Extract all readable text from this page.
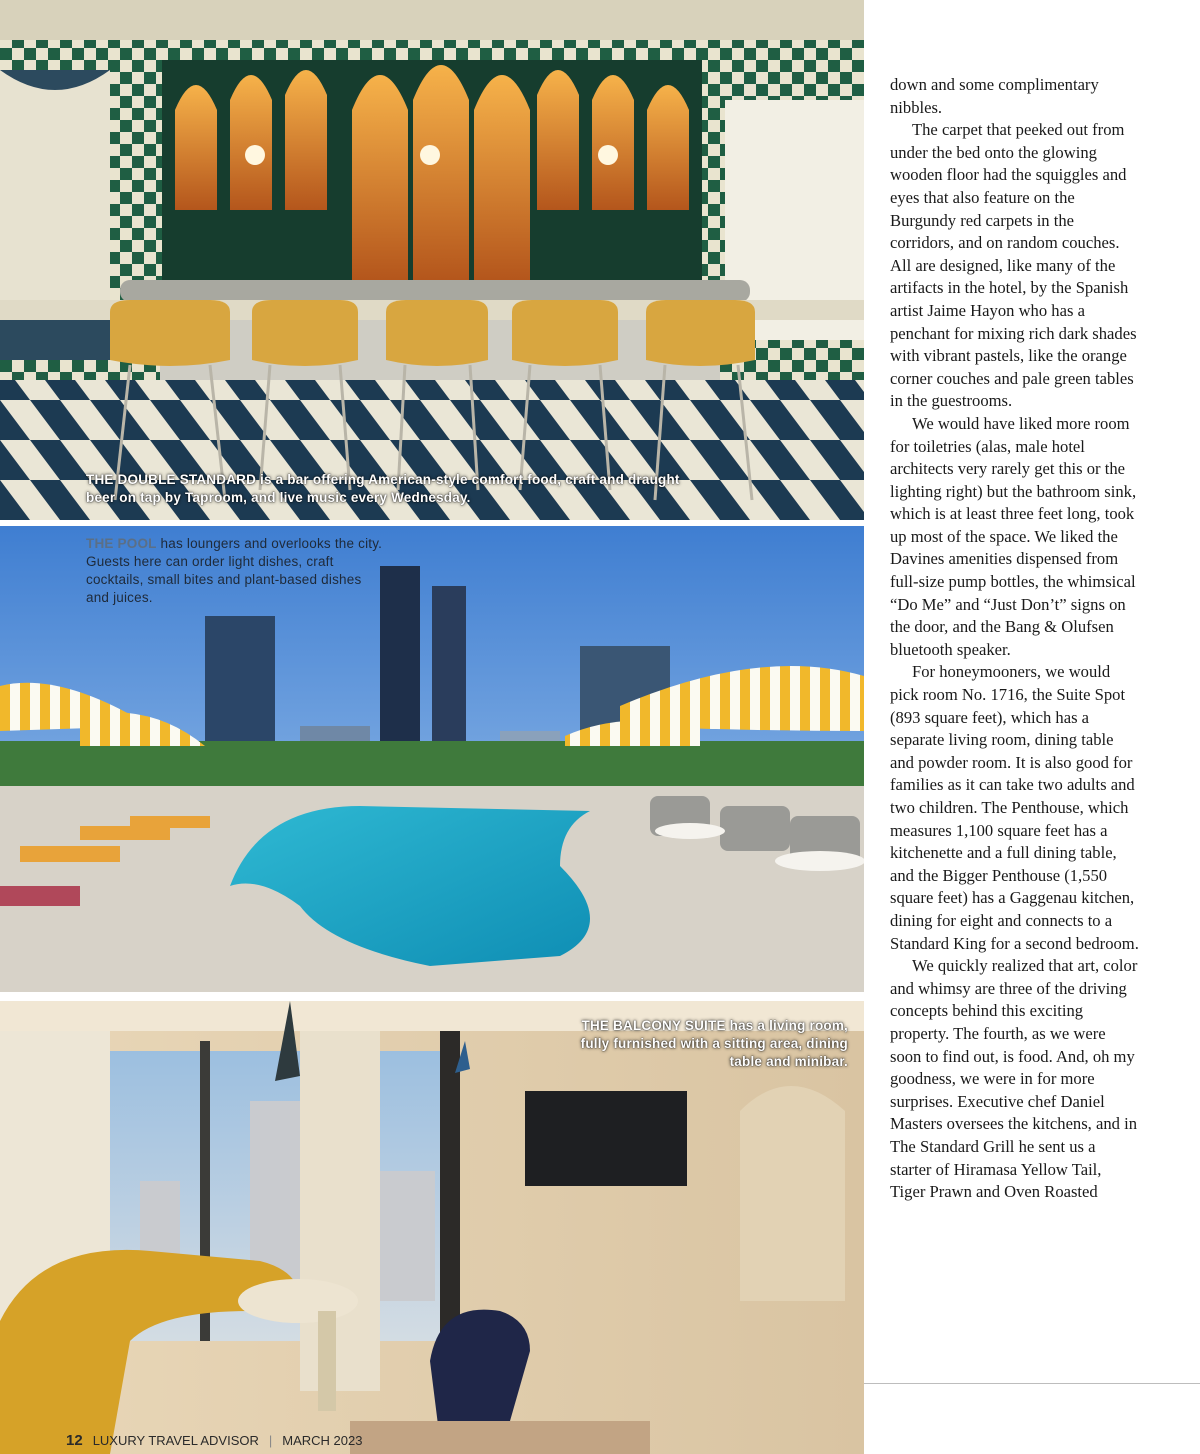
THE DOUBLE STANDARD is a bar offering American-style comfort food, craft and draught beer on tap by Taproom, and live music every Wednesday.
THE POOL has loungers and overlooks the city. Guests here can order light dishes, craft cocktails, small bites and plant-based dishes and juices.
THE BALCONY SUITE has a living room, fully furnished with a sitting area, dining table and minibar.

down and some complimentary nibbles.

The carpet that peeked out from under the bed onto the glowing wooden floor had the squiggles and eyes that also feature on the Burgundy red carpets in the corridors, and on random couches. All are designed, like many of the artifacts in the hotel, by the Spanish artist Jaime Hayon who has a penchant for mixing rich dark shades with vibrant pastels, like the orange corner couches and pale green tables in the guestrooms.

We would have liked more room for toiletries (alas, male hotel architects very rarely get this or the lighting right) but the bathroom sink, which is at least three feet long, took up most of the space. We liked the Davines amenities dispensed from full-size pump bottles, the whimsical “Do Me” and “Just Don’t” signs on the door, and the Bang & Olufsen bluetooth speaker.

For honeymooners, we would pick room No. 1716, the Suite Spot (893 square feet), which has a separate living room, dining table and powder room. It is also good for families as it can take two adults and two children. The Penthouse, which measures 1,100 square feet has a kitchenette and a full dining table, and the Bigger Penthouse (1,550 square feet) has a Gaggenau kitchen, dining for eight and connects to a Standard King for a second bedroom.

We quickly realized that art, color and whimsy are three of the driving concepts behind this exciting property. The fourth, as we were soon to find out, is food. And, oh my goodness, we were in for more surprises. Executive chef Daniel Masters oversees the kitchens, and in The Standard Grill he sent us a starter of Hiramasa Yellow Tail, Tiger Prawn and Oven Roasted

12 LUXURY TRAVEL ADVISOR | MARCH 2023
